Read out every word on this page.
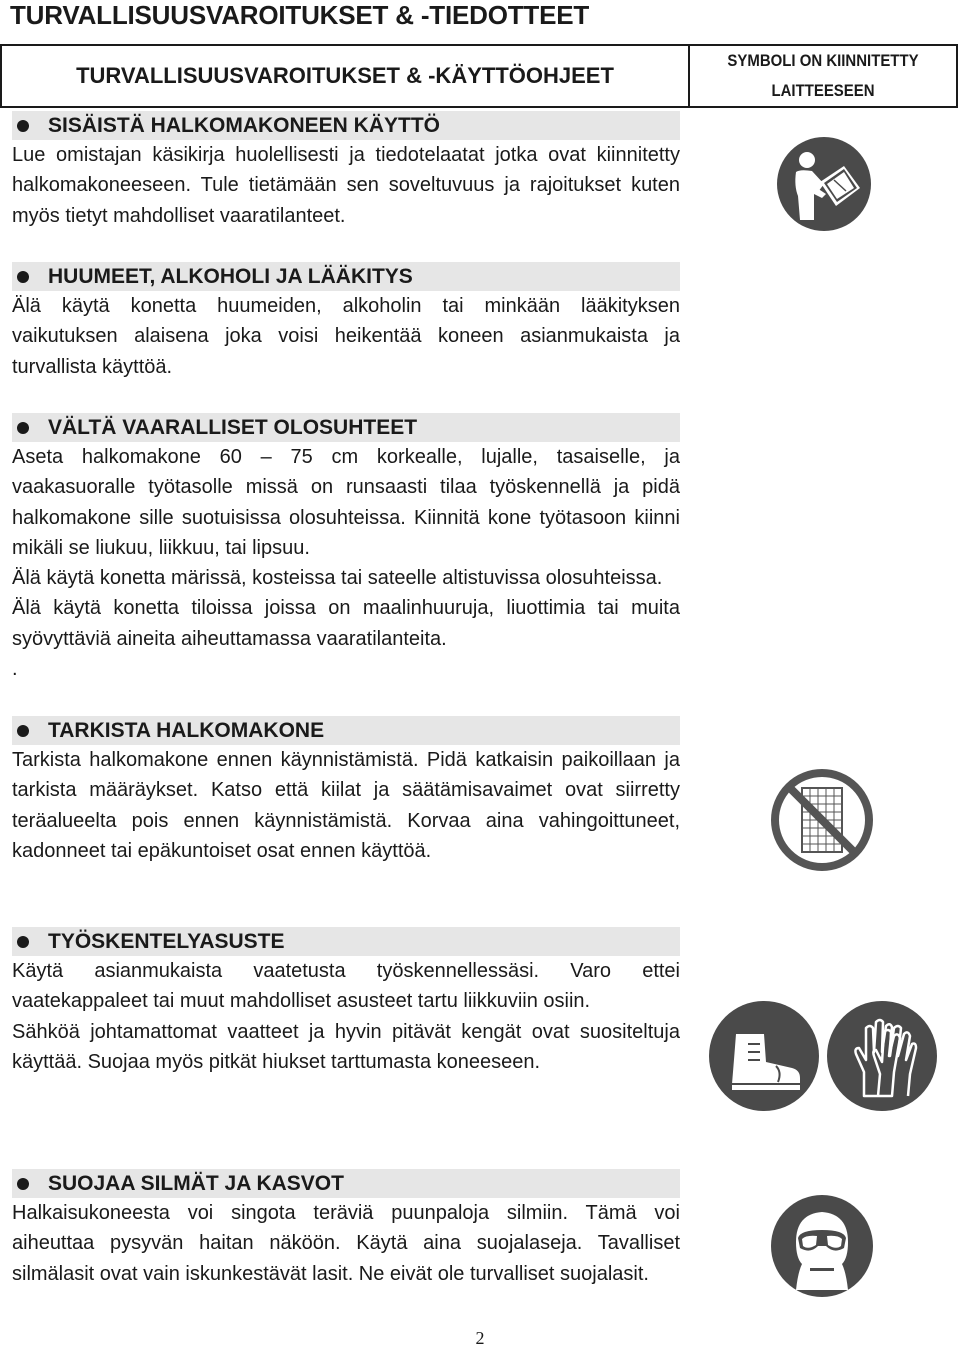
TURVALLISUUSVAROITUKSET & -TIEDOTTEET
TURVALLISUUSVAROITUKSET & -KÄYTTÖOHJEET
SYMBOLI ON KIINNITETTY
LAITTEESEEN
SISÄISTÄ HALKOMAKONEEN KÄYTTÖ

Lue omistajan käsikirja huolellisesti ja tiedotelaatat jotka ovat kiinnitetty halkomakoneeseen. Tule tietämään sen soveltuvuus ja rajoitukset kuten myös tietyt mahdolliset vaaratilanteet.

HUUMEET, ALKOHOLI JA LÄÄKITYS

Älä käytä konetta huumeiden, alkoholin tai minkään lääkityksen vaikutuksen alaisena joka voisi heikentää koneen asianmukaista ja turvallista käyttöä.

VÄLTÄ VAARALLISET OLOSUHTEET

Aseta halkomakone 60 – 75 cm korkealle, lujalle, tasaiselle, ja vaakasuoralle työtasolle missä on runsaasti tilaa työskennellä ja pidä halkomakone sille suotuisissa olosuhteissa. Kiinnitä kone työtasoon kiinni mikäli se liukuu, liikkuu, tai lipsuu.

Älä käytä konetta märissä, kosteissa tai sateelle altistuvissa olosuhteissa.

Älä käytä konetta tiloissa joissa on maalinhuuruja, liuottimia tai muita syövyttäviä aineita aiheuttamassa vaaratilanteita.

.
TARKISTA HALKOMAKONE

Tarkista halkomakone ennen käynnistämistä. Pidä katkaisin paikoillaan ja tarkista määräykset. Katso että kiilat ja säätämisavaimet ovat siirretty teräalueelta pois ennen käynnistämistä. Korvaa aina vahingoittuneet, kadonneet tai epäkuntoiset osat ennen käyttöä.

TYÖSKENTELYASUSTE

Käytä asianmukaista vaatetusta työskennellessäsi. Varo ettei vaatekappaleet tai muut mahdolliset asusteet tartu liikkuviin osiin.

Sähköä johtamattomat vaatteet ja hyvin pitävät kengät ovat suositeltuja käyttää. Suojaa myös pitkät hiukset tarttumasta koneeseen.

SUOJAA SILMÄT JA KASVOT

Halkaisukoneesta voi singota teräviä puunpaloja silmiin. Tämä voi aiheuttaa pysyvän haitan näköön. Käytä aina suojalaseja. Tavalliset silmälasit ovat vain iskunkestävät lasit. Ne eivät ole turvalliset suojalasit.

2
